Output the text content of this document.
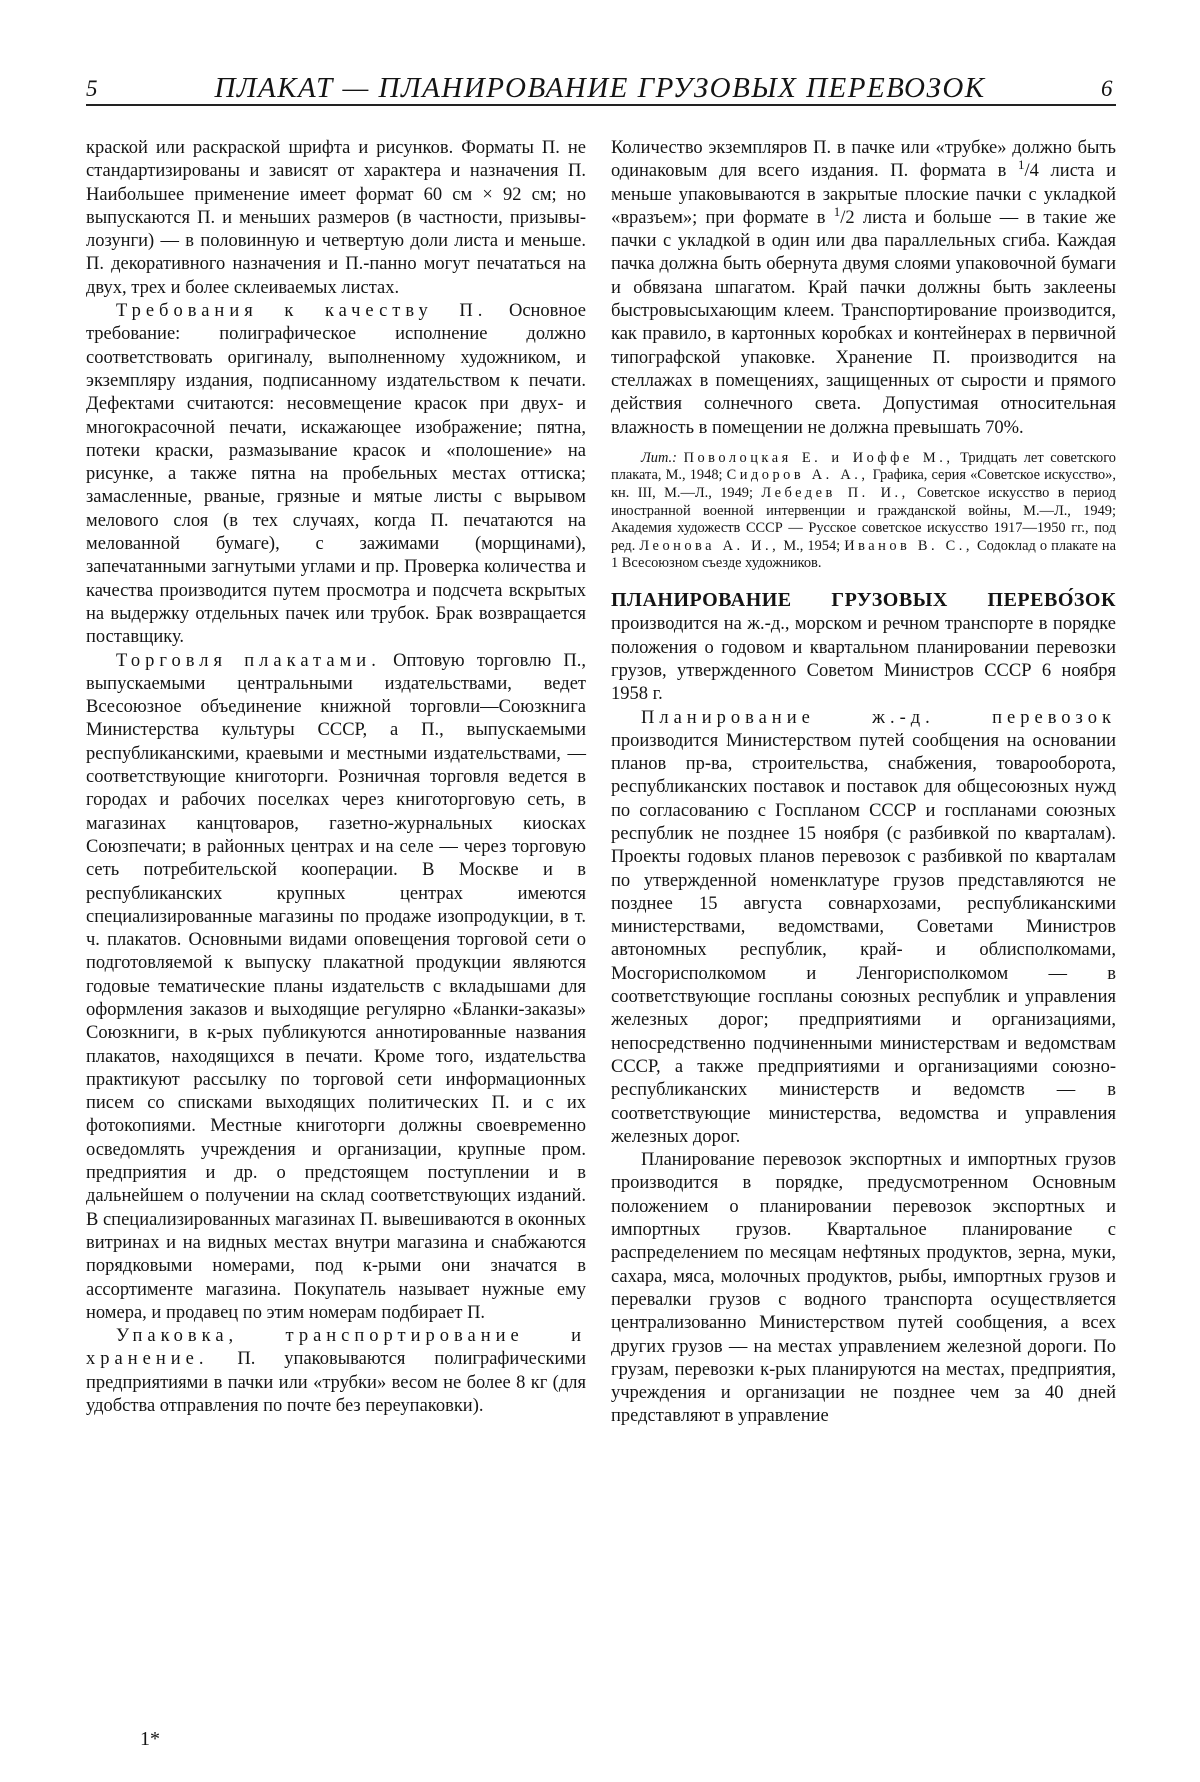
5	ПЛАКАТ — ПЛАНИРОВАНИЕ ГРУЗОВЫХ ПЕРЕВОЗОК	6

краской или раскраской шрифта и рисунков. Форматы П. не стандартизированы и зависят от характера и назначения П. Наибольшее применение имеет формат 60 см × 92 см; но выпускаются П. и меньших размеров (в частности, призывы-лозунги) — в половинную и четвертую доли листа и меньше. П. декоративного назначения и П.-панно могут печататься на двух, трех и более склеиваемых листах.

Требования к качеству П. Основное требование: полиграфическое исполнение должно соответствовать оригиналу, выполненному художником, и экземпляру издания, подписанному издательством к печати. Дефектами считаются: несовмещение красок при двух- и многокрасочной печати, искажающее изображение; пятна, потеки краски, размазывание красок и «полошение» на рисунке, а также пятна на пробельных местах оттиска; замасленные, рваные, грязные и мятые листы с вырывом мелового слоя (в тех случаях, когда П. печатаются на мелованной бумаге), с зажимами (морщинами), запечатанными загнутыми углами и пр. Проверка количества и качества производится путем просмотра и подсчета вскрытых на выдержку отдельных пачек или трубок. Брак возвращается поставщику.

Торговля плакатами. Оптовую торговлю П., выпускаемыми центральными издательствами, ведет Всесоюзное объединение книжной торговли—Союзкнига Министерства культуры СССР, а П., выпускаемыми республиканскими, краевыми и местными издательствами, — соответствующие книготорги. Розничная торговля ведется в городах и рабочих поселках через книготорговую сеть, в магазинах канцтоваров, газетно-журнальных киосках Союзпечати; в районных центрах и на селе — через торговую сеть потребительской кооперации. В Москве и в республиканских крупных центрах имеются специализированные магазины по продаже изопродукции, в т. ч. плакатов. Основными видами оповещения торговой сети о подготовляемой к выпуску плакатной продукции являются годовые тематические планы издательств с вкладышами для оформления заказов и выходящие регулярно «Бланки-заказы» Союзкниги, в к-рых публикуются аннотированные названия плакатов, находящихся в печати. Кроме того, издательства практикуют рассылку по торговой сети информационных писем со списками выходящих политических П. и с их фотокопиями. Местные книготорги должны своевременно осведомлять учреждения и организации, крупные пром. предприятия и др. о предстоящем поступлении и в дальнейшем о получении на склад соответствующих изданий. В специализированных магазинах П. вывешиваются в оконных витринах и на видных местах внутри магазина и снабжаются порядковыми номерами, под к-рыми они значатся в ассортименте магазина. Покупатель называет нужные ему номера, и продавец по этим номерам подбирает П.

Упаковка, транспортирование и хранение. П. упаковываются полиграфическими предприятиями в пачки или «трубки» весом не более 8 кг (для удобства отправления по почте без переупаковки).

Количество экземпляров П. в пачке или «трубке» должно быть одинаковым для всего издания. П. формата в $^1$/4 листа и меньше упаковываются в закрытые плоские пачки с укладкой «вразъем»; при формате в $^1$/2 листа и больше — в такие же пачки с укладкой в один или два параллельных сгиба. Каждая пачка должна быть обернута двумя слоями упаковочной бумаги и обвязана шпагатом. Край пачки должны быть заклеены быстровысыхающим клеем. Транспортирование производится, как правило, в картонных коробках и контейнерах в первичной типографской упаковке. Хранение П. производится на стеллажах в помещениях, защищенных от сырости и прямого действия солнечного света. Допустимая относительная влажность в помещении не должна превышать 70%.

Лит.: Поволоцкая Е. и Иоффе М., Тридцать лет советского плаката, М., 1948; Сидоров А. А., Графика, серия «Советское искусство», кн. III, М.—Л., 1949; Лебедев П. И., Советское искусство в период иностранной военной интервенции и гражданской войны, М.—Л., 1949; Академия художеств СССР — Русское советское искусство 1917—1950 гг., под ред. Леонова А. И., М., 1954; Иванов В. С., Содоклад о плакате на 1 Всесоюзном съезде художников.

ПЛАНИРОВАНИЕ ГРУЗОВЫХ ПЕРЕВО́ЗОК производится на ж.-д., морском и речном транспорте в порядке положения о годовом и квартальном планировании перевозки грузов, утвержденного Советом Министров СССР 6 ноября 1958 г.

Планирование ж.-д. перевозок производится Министерством путей сообщения на основании планов пр-ва, строительства, снабжения, товарооборота, республиканских поставок и поставок для общесоюзных нужд по согласованию с Госпланом СССР и госпланами союзных республик не позднее 15 ноября (с разбивкой по кварталам). Проекты годовых планов перевозок с разбивкой по кварталам по утвержденной номенклатуре грузов представляются не позднее 15 августа совнархозами, республиканскими министерствами, ведомствами, Советами Министров автономных республик, край- и облисполкомами, Мосгорисполкомом и Ленгорисполкомом — в соответствующие госпланы союзных республик и управления железных дорог; предприятиями и организациями, непосредственно подчиненными министерствам и ведомствам СССР, а также предприятиями и организациями союзно-республиканских министерств и ведомств — в соответствующие министерства, ведомства и управления железных дорог.

Планирование перевозок экспортных и импортных грузов производится в порядке, предусмотренном Основным положением о планировании перевозок экспортных и импортных грузов. Квартальное планирование с распределением по месяцам нефтяных продуктов, зерна, муки, сахара, мяса, молочных продуктов, рыбы, импортных грузов и перевалки грузов с водного транспорта осуществляется централизованно Министерством путей сообщения, а всех других грузов — на местах управлением железной дороги. По грузам, перевозки к-рых планируются на местах, предприятия, учреждения и организации не позднее чем за 40 дней представляют в управление

1*
